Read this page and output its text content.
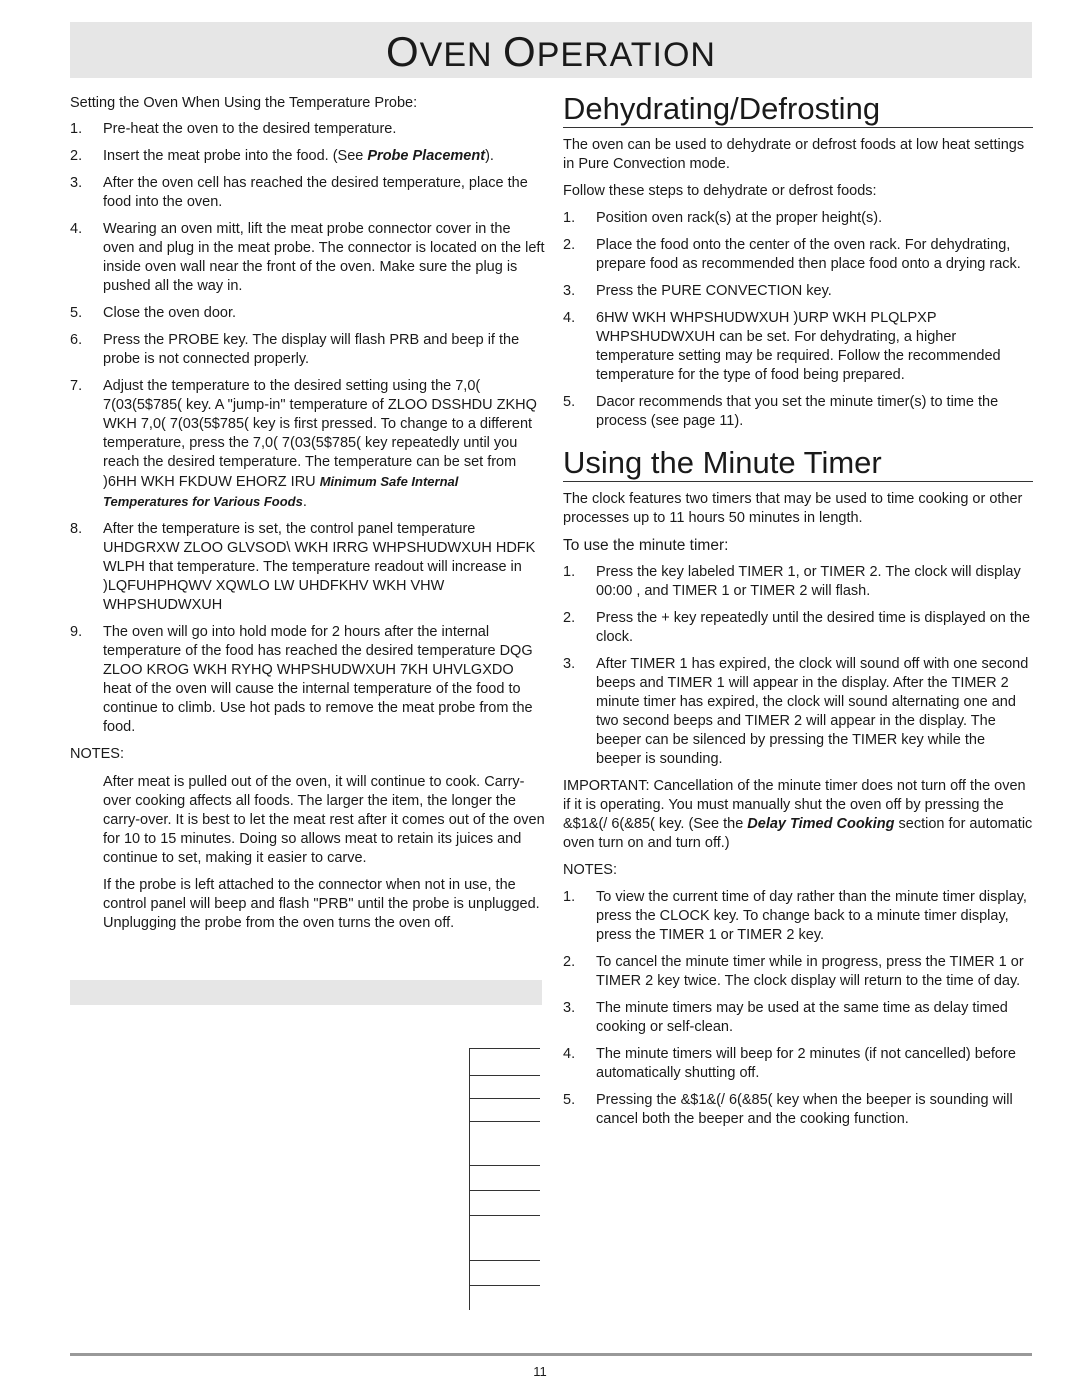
OVEN OPERATION
Setting the Oven When Using the Temperature Probe:
1. Pre-heat the oven to the desired temperature.
2. Insert the meat probe into the food. (See Probe Placement).
3. After the oven cell has reached the desired temperature, place the food into the oven.
4. Wearing an oven mitt, lift the meat probe connector cover in the oven and plug in the meat probe. The connector is located on the left inside oven wall near the front of the oven. Make sure the plug is pushed all the way in.
5. Close the oven door.
6. Press the PROBE key. The display will flash PRB and beep if the probe is not connected properly.
7. Adjust the temperature to the desired setting using the 7,0( 7(03(5$785( key. A "jump-in" temperature of ZLOO DSSHDU ZKHQ WKH 7,0( 7(03(5$785( key is first pressed. To change to a different temperature, press the 7,0( 7(03(5$785( key repeatedly until you reach the desired temperature. The temperature can be set from )6HH WKH FKDUW EHORZ IRU Minimum Safe Internal Temperatures for Various Foods.
8. After the temperature is set, the control panel temperature UHDGRXW ZLOO GLVSOD\ WKH IRRG WHPSHUDWXUH HDFK WLPH that temperature. The temperature readout will increase in )LQFUHPHQWV XQWLO LW UHDFKHV WKH VHW WHPSHUDWXUH
9. The oven will go into hold mode for 2 hours after the internal temperature of the food has reached the desired temperature DQG ZLOO KROG WKH RYHQ WHPSHUDWXUH 7KH UHVLGXDO heat of the oven will cause the internal temperature of the food to continue to climb. Use hot pads to remove the meat probe from the food.
NOTES:
After meat is pulled out of the oven, it will continue to cook. Carry-over cooking affects all foods. The larger the item, the longer the carry-over. It is best to let the meat rest after it comes out of the oven for 10 to 15 minutes. Doing so allows meat to retain its juices and continue to set, making it easier to carve.
If the probe is left attached to the connector when not in use, the control panel will beep and flash "PRB" until the probe is unplugged. Unplugging the probe from the oven turns the oven off.
Dehydrating/Defrosting
The oven can be used to dehydrate or defrost foods at low heat settings in Pure Convection mode.
Follow these steps to dehydrate or defrost foods:
1. Position oven rack(s) at the proper height(s).
2. Place the food onto the center of the oven rack. For dehydrating, prepare food as recommended then place food onto a drying rack.
3. Press the PURE CONVECTION key.
4. 6HW WKH WHPSHUDWXUH )URP WKH PLQLPXP WHPSHUDWXUH can be set. For dehydrating, a higher temperature setting may be required. Follow the recommended temperature for the type of food being prepared.
5. Dacor recommends that you set the minute timer(s) to time the process (see page 11).
Using the Minute Timer
The clock features two timers that may be used to time cooking or other processes up to 11 hours 50 minutes in length.
To use the minute timer:
1. Press the key labeled TIMER 1, or TIMER 2. The clock will display 00:00 , and TIMER 1 or TIMER 2 will flash.
2. Press the + key repeatedly until the desired time is displayed on the clock.
3. After TIMER 1 has expired, the clock will sound off with one second beeps and TIMER 1 will appear in the display. After the TIMER 2 minute timer has expired, the clock will sound alternating one and two second beeps and TIMER 2 will appear in the display. The beeper can be silenced by pressing the TIMER key while the beeper is sounding.
IMPORTANT: Cancellation of the minute timer does not turn off the oven if it is operating. You must manually shut the oven off by pressing the &$1&(/ 6(&85( key. (See the Delay Timed Cooking section for automatic oven turn on and turn off.)
NOTES:
1. To view the current time of day rather than the minute timer display, press the CLOCK key. To change back to a minute timer display, press the TIMER 1 or TIMER 2 key.
2. To cancel the minute timer while in progress, press the TIMER 1 or TIMER 2 key twice. The clock display will return to the time of day.
3. The minute timers may be used at the same time as delay timed cooking or self-clean.
4. The minute timers will beep for 2 minutes (if not cancelled) before automatically shutting off.
5. Pressing the &$1&(/ 6(&85( key when the beeper is sounding will cancel both the beeper and the cooking function.
11
